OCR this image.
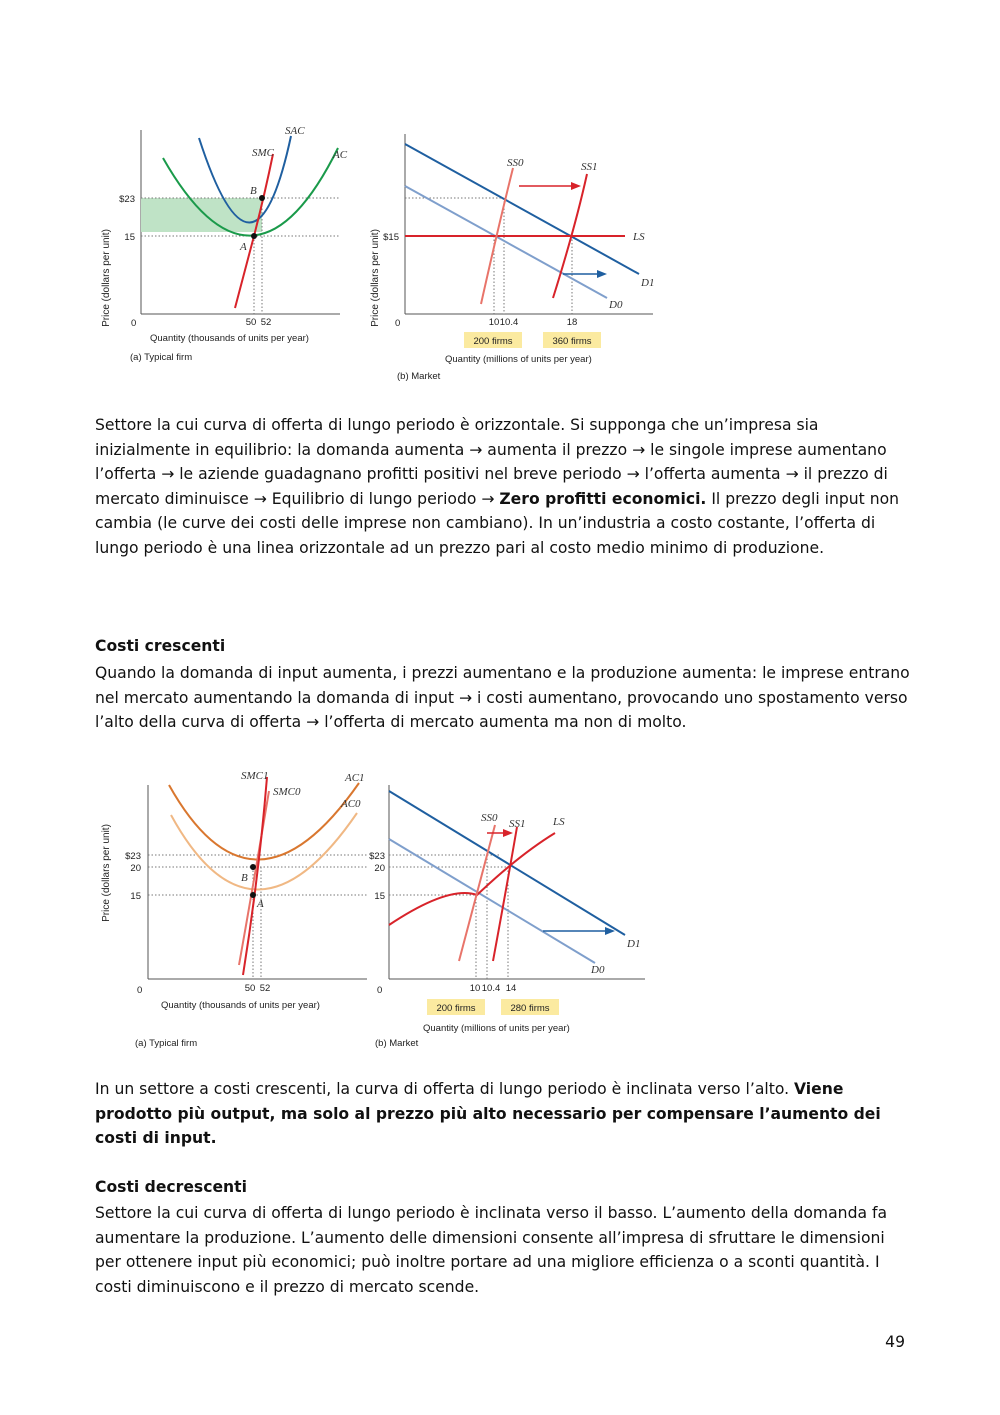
Price (dollars per unit)
SAC
SMC	AC
B
A
$23
15
0	50 52
Quantity (thousands of units per year)
(a) Typical firm
Price (dollars per unit)
SS0	SS1
LS
D1
D0
$15
0	10 10.4	18
200 firms	360 firms
Quantity (millions of units per year)
(b) Market

Settore la cui curva di offerta di lungo periodo è orizzontale. Si supponga che un’impresa sia inizialmente in equilibrio: la domanda aumenta → aumenta il prezzo → le singole imprese aumentano l’offerta → le aziende guadagnano profitti positivi nel breve periodo → l’offerta aumenta → il prezzo di mercato diminuisce → Equilibrio di lungo periodo → Zero profitti economici. Il prezzo degli input non cambia (le curve dei costi delle imprese non cambiano). In un’industria a costo costante, l’offerta di lungo periodo è una linea orizzontale ad un prezzo pari al costo medio minimo di produzione.

Costi crescenti

Quando la domanda di input aumenta, i prezzi aumentano e la produzione aumenta: le imprese entrano nel mercato aumentando la domanda di input → i costi aumentano, provocando uno spostamento verso l’alto della curva di offerta → l’offerta di mercato aumenta ma non di molto.

Price (dollars per unit)
SMC1
SMC0
AC1
AC0
B
A
$23
20
15
0	50 52
Quantity (thousands of units per year)
(a) Typical firm
SS0 SS1	LS
D1
D0
$23
20
15
0	10 10.4 14
200 firms	280 firms
Quantity (millions of units per year)
(b) Market

In un settore a costi crescenti, la curva di offerta di lungo periodo è inclinata verso l’alto. Viene prodotto più output, ma solo al prezzo più alto necessario per compensare l’aumento dei costi di input.

Costi decrescenti

Settore la cui curva di offerta di lungo periodo è inclinata verso il basso. L’aumento della domanda fa aumentare la produzione. L’aumento delle dimensioni consente all’impresa di sfruttare le dimensioni per ottenere input più economici; può inoltre portare ad una migliore efficienza o a sconti quantità. I costi diminuiscono e il prezzo di mercato scende.

49
